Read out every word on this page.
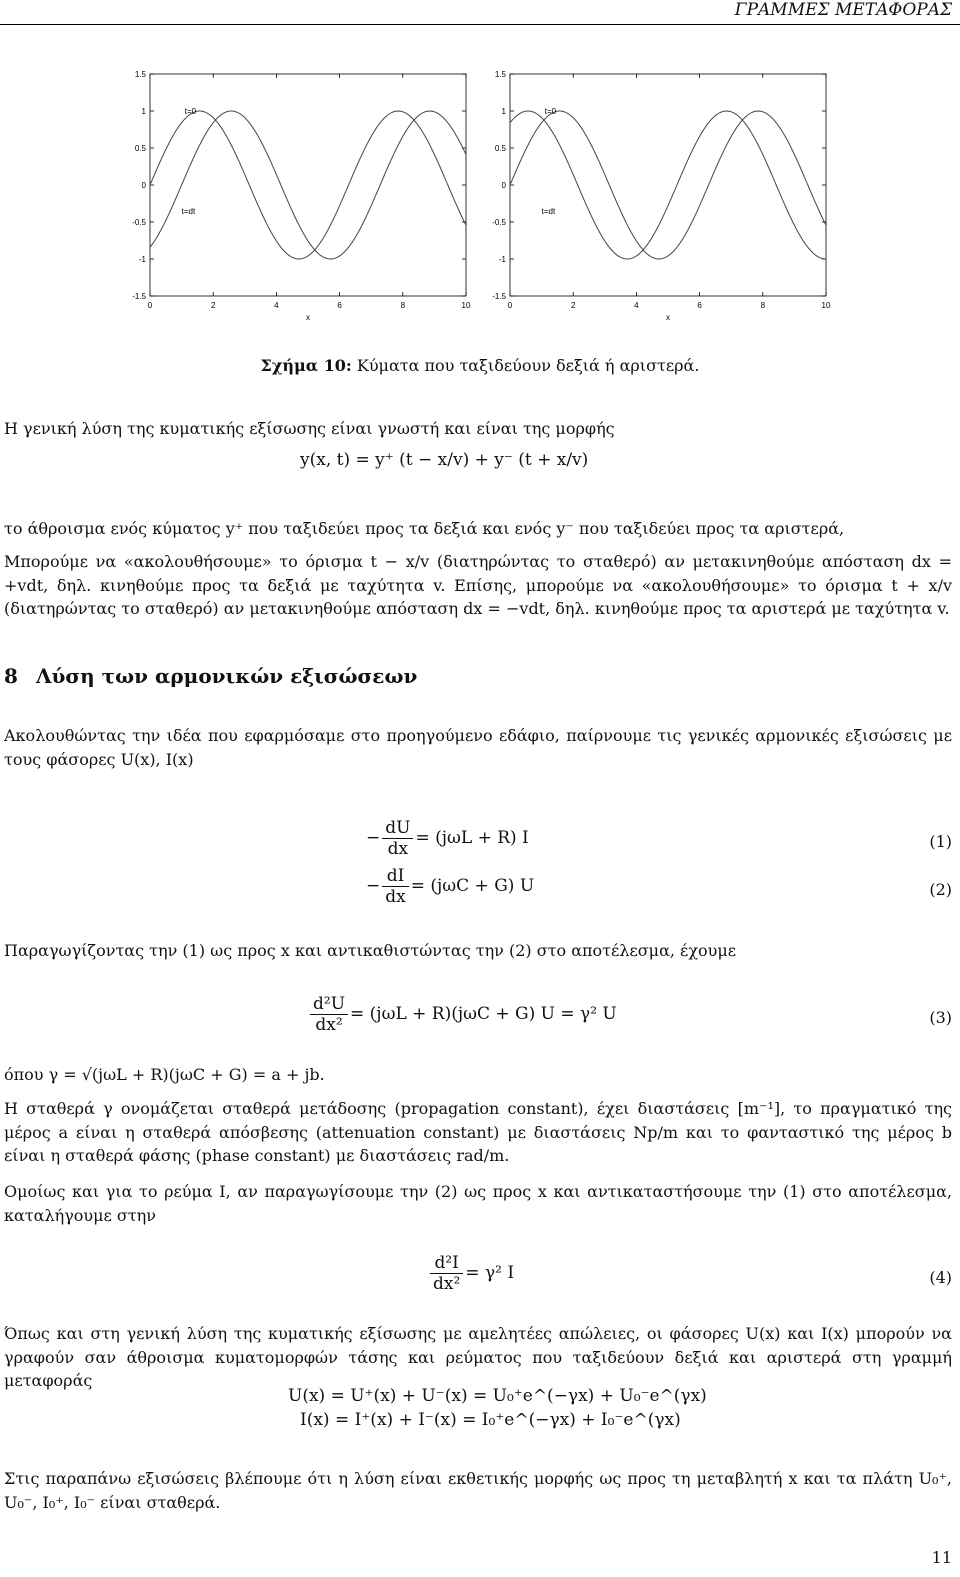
ΓΡΑΜΜΕΣ ΜΕΤΑΦΟΡΑΣ
1.5
1
0.5
0
-0.5
-1
-1.5
0	2	4	6	8	10
x
t=0
t=dt
1.5
1
0.5
0
-0.5
-1
-1.5
0	2	4	6	8	10
x
t=0
t=dt
Σχήμα 10: Κύματα που ταξιδεύουν δεξιά ή αριστερά.
Η γενική λύση της κυματικής εξίσωσης είναι γνωστή και είναι της μορφής
y(x, t) = y⁺ (t − x/v) + y⁻ (t + x/v)
το άθροισμα ενός κύματος y⁺ που ταξιδεύει προς τα δεξιά και ενός y⁻ που ταξιδεύει προς τα αριστερά,
Μπορούμε να «ακολουθήσουμε» το όρισμα t − x/v (διατηρώντας το σταθερό) αν μετακινηθούμε απόσταση dx = +vdt, δηλ. κινηθούμε προς τα δεξιά με ταχύτητα v. Επίσης, μπορούμε να «ακολουθήσουμε» το όρισμα t + x/v (διατηρώντας το σταθερό) αν μετακινηθούμε απόσταση dx = −vdt, δηλ. κινηθούμε προς τα αριστερά με ταχύτητα v.
8 Λύση των αρμονικών εξισώσεων
Ακολουθώντας την ιδέα που εφαρμόσαμε στο προηγούμενο εδάφιο, παίρνουμε τις γενικές αρμονικές εξισώσεις με τους φάσορες U(x), I(x)
− $\frac{dU}{dx} = (j\omega L + R)$ I	(1)
− $\frac{dI}{dx} = (j\omega C + G)$ U	(2)
Παραγωγίζοντας την (1) ως προς x και αντικαθιστώντας την (2) στο αποτέλεσμα, έχουμε
$\frac{\text{d²U}}{\text{dx²}} = (j\omega L + R)(j\omega C + G) U = \gamma^2$ U	(3)
όπου γ = √(jωL + R)(jωC + G) = a + jb.
Η σταθερά γ ονομάζεται σταθερά μετάδοσης (propagation constant), έχει διαστάσεις [m⁻¹], το πραγματικό της μέρος a είναι η σταθερά απόσβεσης (attenuation constant) με διαστάσεις Np/m και το φανταστικό της μέρος b είναι η σταθερά φάσης (phase constant) με διαστάσεις rad/m.
Ομοίως και για το ρεύμα I, αν παραγωγίσουμε την (2) ως προς x και αντικαταστήσουμε την (1) στο αποτέλεσμα, καταλήγουμε στην
$\frac{\text{d²I}}{\text{dx²}} = \gamma^2$ I	(4)
Όπως και στη γενική λύση της κυματικής εξίσωσης με αμελητέες απώλειες, οι φάσορες U(x) και I(x) μπορούν να γραφούν σαν άθροισμα κυματομορφών τάσης και ρεύματος που ταξιδεύουν δεξιά και αριστερά στη γραμμή μεταφοράς
U(x) = U⁺(x) + U⁻(x) = U₀⁺e^(−γx) + U₀⁻e^(γx)
I(x) = I⁺(x) + I⁻(x) = I₀⁺e^(−γx) + I₀⁻e^(γx)
Στις παραπάνω εξισώσεις βλέπουμε ότι η λύση είναι εκθετικής μορφής ως προς τη μεταβλητή x και τα πλάτη U₀⁺, U₀⁻, I₀⁺, I₀⁻ είναι σταθερά.
11
